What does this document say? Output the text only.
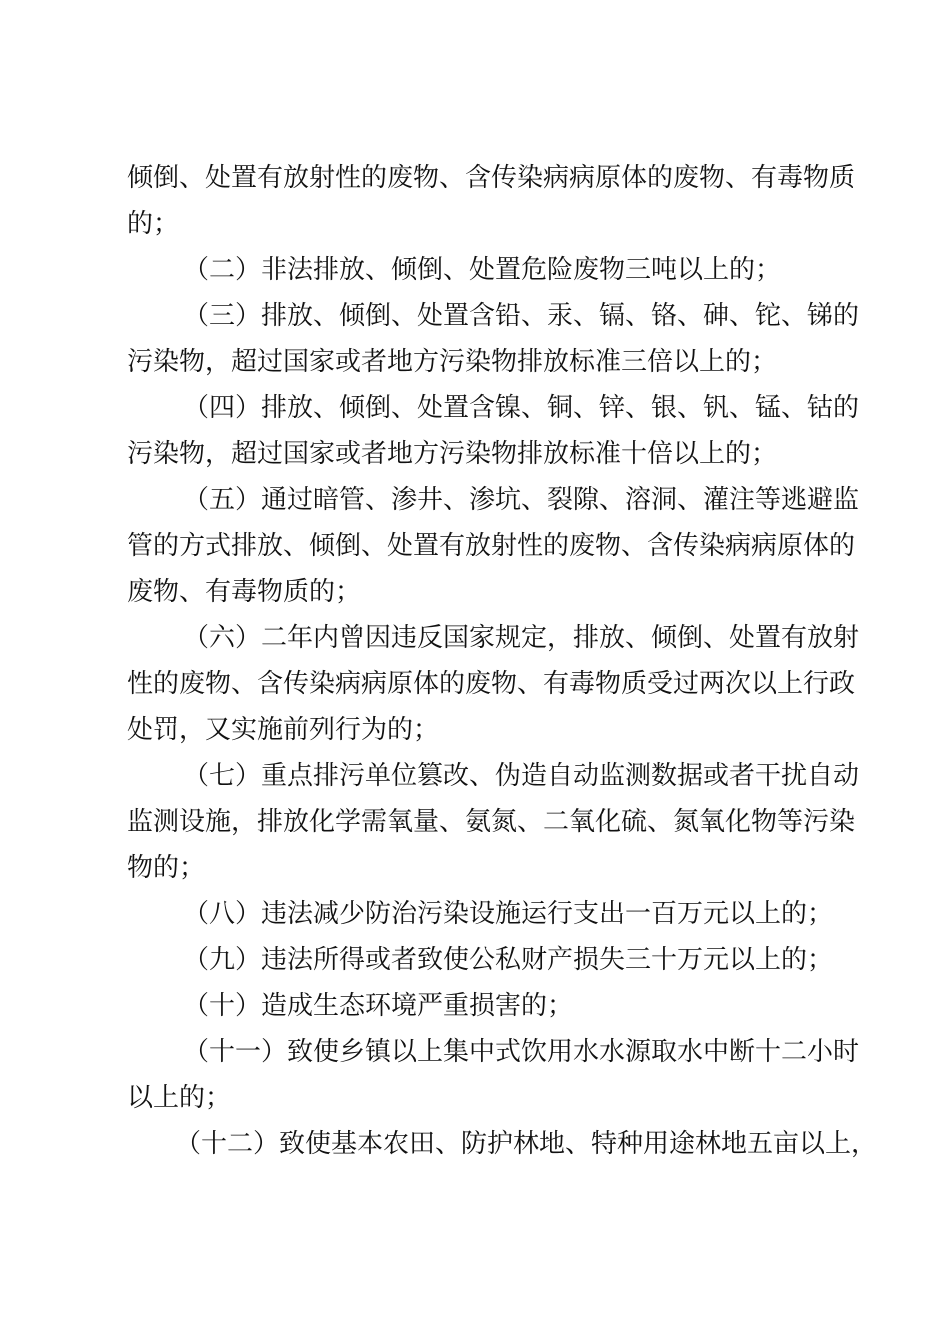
倾倒、处置有放射性的废物、含传染病病原体的废物、有毒物质
的；
（二）非法排放、倾倒、处置危险废物三吨以上的；
（三）排放、倾倒、处置含铅、汞、镉、铬、砷、铊、锑的
污染物，超过国家或者地方污染物排放标准三倍以上的；
（四）排放、倾倒、处置含镍、铜、锌、银、钒、锰、钴的
污染物，超过国家或者地方污染物排放标准十倍以上的；
（五）通过暗管、渗井、渗坑、裂隙、溶洞、灌注等逃避监
管的方式排放、倾倒、处置有放射性的废物、含传染病病原体的
废物、有毒物质的；
（六）二年内曾因违反国家规定，排放、倾倒、处置有放射
性的废物、含传染病病原体的废物、有毒物质受过两次以上行政
处罚，又实施前列行为的；
（七）重点排污单位篡改、伪造自动监测数据或者干扰自动
监测设施，排放化学需氧量、氨氮、二氧化硫、氮氧化物等污染
物的；
（八）违法减少防治污染设施运行支出一百万元以上的；
（九）违法所得或者致使公私财产损失三十万元以上的；
（十）造成生态环境严重损害的；
（十一）致使乡镇以上集中式饮用水水源取水中断十二小时
以上的；
（十二）致使基本农田、防护林地、特种用途林地五亩以上，
